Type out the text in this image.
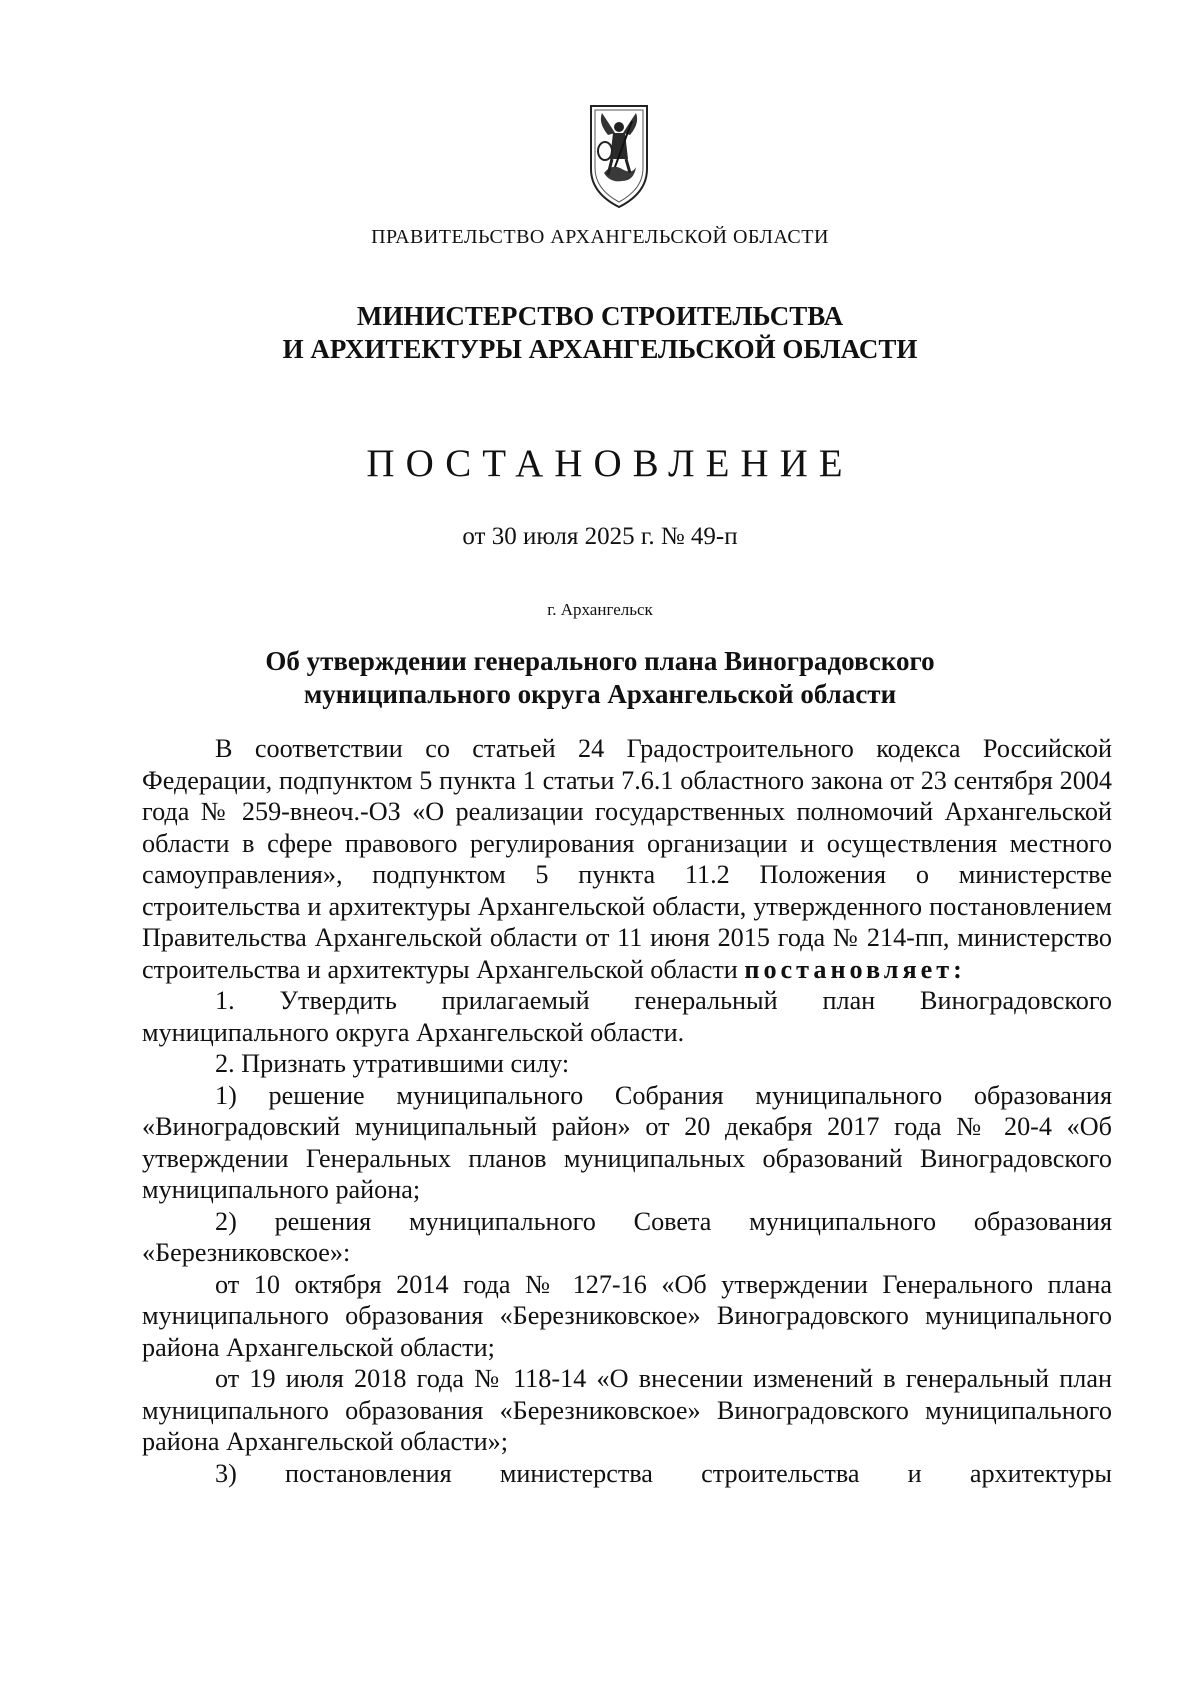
ПРАВИТЕЛЬСТВО АРХАНГЕЛЬСКОЙ ОБЛАСТИ
МИНИСТЕРСТВО СТРОИТЕЛЬСТВА
И АРХИТЕКТУРЫ АРХАНГЕЛЬСКОЙ ОБЛАСТИ
ПОСТАНОВЛЕНИЕ
от 30 июля 2025 г. № 49-п
г. Архангельск
Об утверждении генерального плана Виноградовского
муниципального округа Архангельской области

В соответствии со статьей 24 Градостроительного кодекса Российской Федерации, подпунктом 5 пункта 1 статьи 7.6.1 областного закона от 23 сентября 2004 года № 259-внеоч.-ОЗ «О реализации государственных полномочий Архангельской области в сфере правового регулирования организации и осуществления местного самоуправления», подпунктом 5 пункта 11.2 Положения о министерстве строительства и архитектуры Архангельской области, утвержденного постановлением Правительства Архангельской области от 11 июня 2015 года № 214-пп, министерство строительства и архитектуры Архангельской области постановляет:

1. Утвердить прилагаемый генеральный план Виноградовского муниципального округа Архангельской области.

2. Признать утратившими силу:

1) решение муниципального Собрания муниципального образования «Виноградовский муниципальный район» от 20 декабря 2017 года № 20-4 «Об утверждении Генеральных планов муниципальных образований Виноградовского муниципального района;

2) решения муниципального Совета муниципального образования «Березниковское»:

от 10 октября 2014 года № 127-16 «Об утверждении Генерального плана муниципального образования «Березниковское» Виноградовского муниципального района Архангельской области;

от 19 июля 2018 года № 118-14 «О внесении изменений в генеральный план муниципального образования «Березниковское» Виноградовского муниципального района Архангельской области»;

3) постановления министерства строительства и архитектуры
